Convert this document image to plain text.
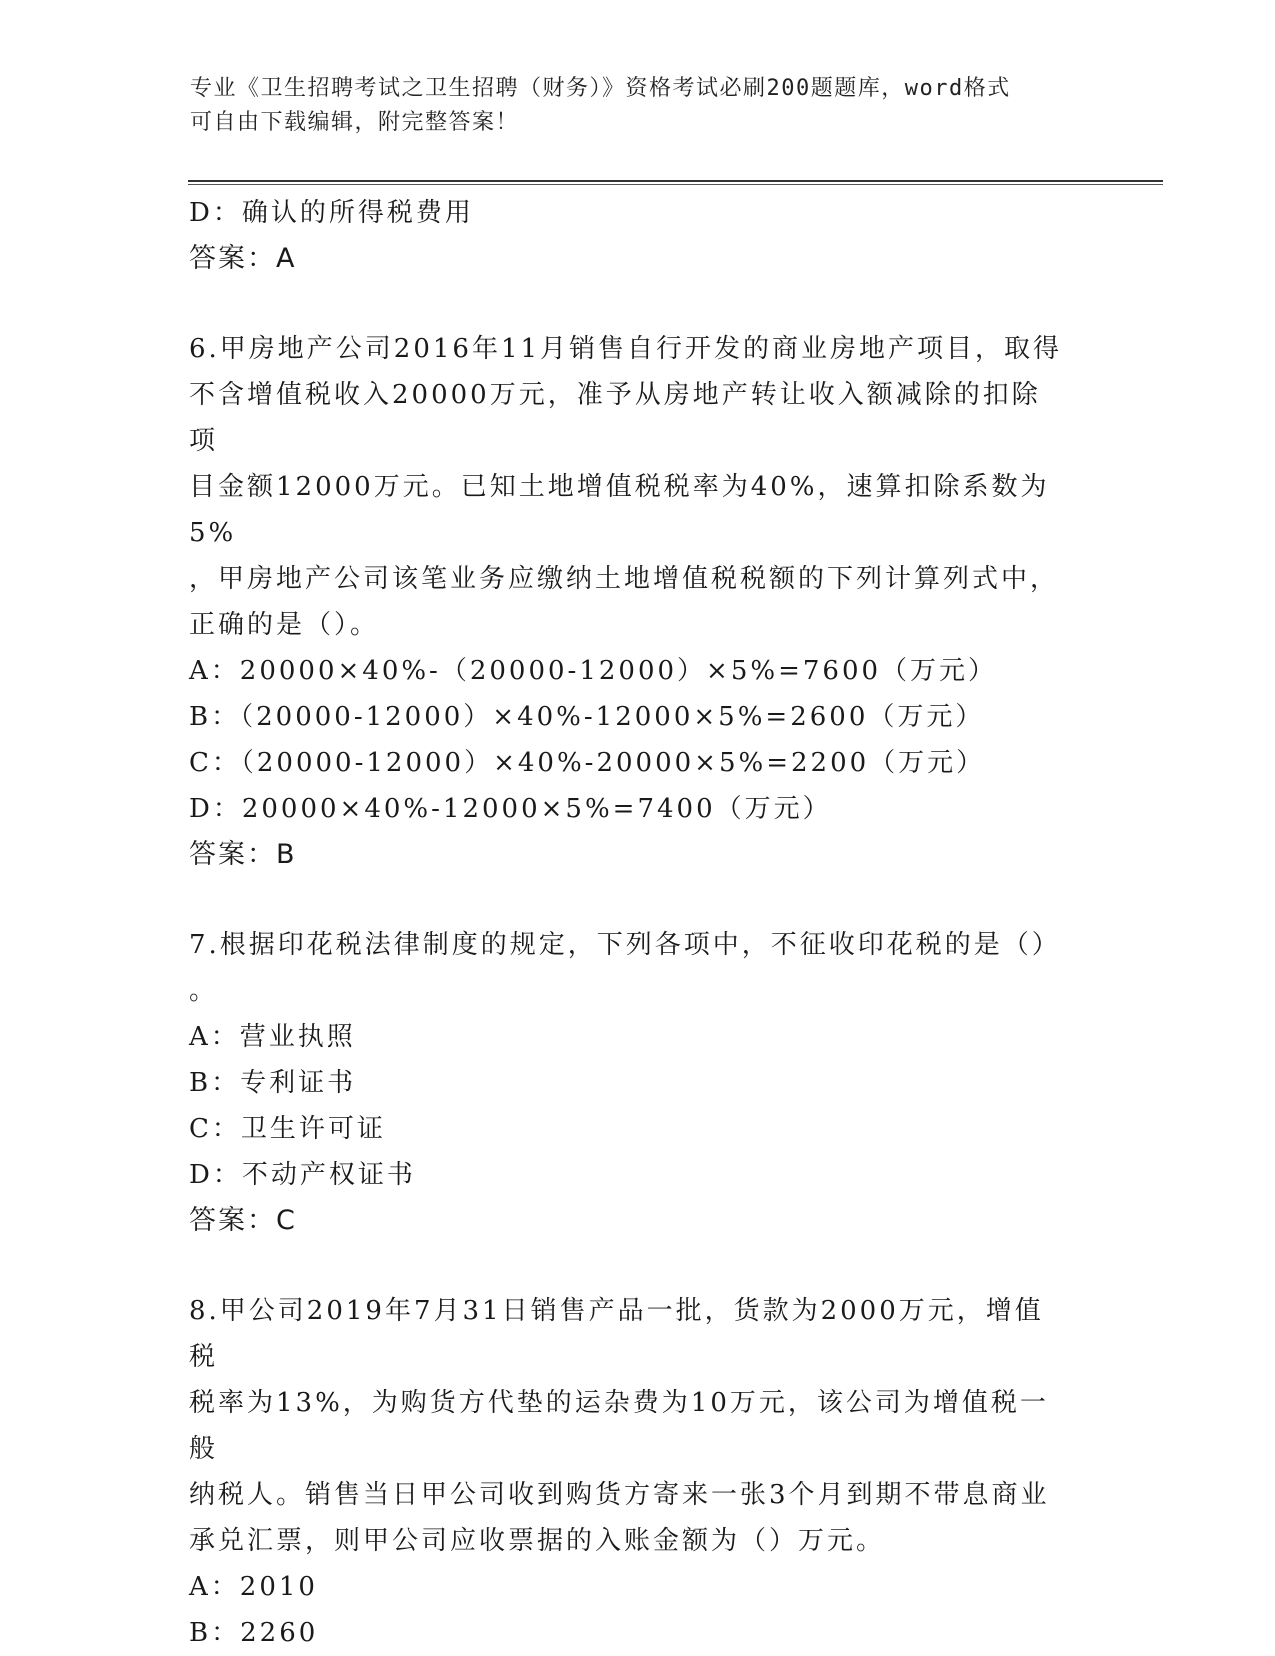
专业《卫生招聘考试之卫生招聘（财务）》资格考试必刷200题题库，word格式
可自由下载编辑，附完整答案！

D：确认的所得税费用

答案：A

6.甲房地产公司2016年11月销售自行开发的商业房地产项目，取得

不含增值税收入20000万元，准予从房地产转让收入额减除的扣除项

目金额12000万元。已知土地增值税税率为40%，速算扣除系数为5%

，甲房地产公司该笔业务应缴纳土地增值税税额的下列计算列式中，

正确的是（）。

A：20000×40%-（20000-12000）×5%=7600（万元）

B：（20000-12000）×40%-12000×5%=2600（万元）

C：（20000-12000）×40%-20000×5%=2200（万元）

D：20000×40%-12000×5%=7400（万元）

答案：B

7.根据印花税法律制度的规定，下列各项中，不征收印花税的是（）

。

A：营业执照

B：专利证书

C：卫生许可证

D：不动产权证书

答案：C

8.甲公司2019年7月31日销售产品一批，货款为2000万元，增值税

税率为13%，为购货方代垫的运杂费为10万元，该公司为增值税一般

纳税人。销售当日甲公司收到购货方寄来一张3个月到期不带息商业

承兑汇票，则甲公司应收票据的入账金额为（）万元。

A：2010

B：2260
